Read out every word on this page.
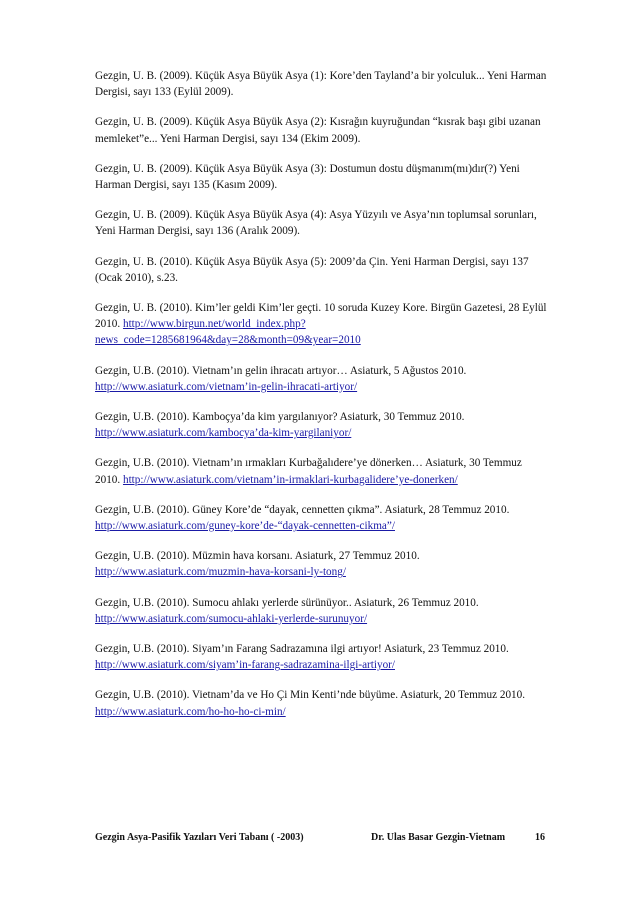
Gezgin, U. B. (2009). Küçük Asya Büyük Asya (1): Kore’den Tayland’a bir yolculuk... Yeni Harman Dergisi, sayı 133 (Eylül 2009).

Gezgin, U. B. (2009). Küçük Asya Büyük Asya (2): Kısrağın kuyruğundan “kısrak başı gibi uzanan memleket”e... Yeni Harman Dergisi, sayı 134 (Ekim 2009).

Gezgin, U. B. (2009). Küçük Asya Büyük Asya (3): Dostumun dostu düşmanım(mı)dır(?) Yeni Harman Dergisi, sayı 135 (Kasım 2009).

Gezgin, U. B. (2009). Küçük Asya Büyük Asya (4): Asya Yüzyılı ve Asya’nın toplumsal sorunları, Yeni Harman Dergisi, sayı 136 (Aralık 2009).

Gezgin, U. B. (2010). Küçük Asya Büyük Asya (5): 2009’da Çin. Yeni Harman Dergisi, sayı 137 (Ocak 2010), s.23.

Gezgin, U. B. (2010). Kim’ler geldi Kim’ler geçti. 10 soruda Kuzey Kore. Birgün Gazetesi, 28 Eylül 2010. http://www.birgun.net/world_index.php?news_code=1285681964&day=28&month=09&year=2010

Gezgin, U.B. (2010). Vietnam’ın gelin ihracatı artıyor… Asiaturk, 5 Ağustos 2010. http://www.asiaturk.com/vietnam’in-gelin-ihracati-artiyor/

Gezgin, U.B. (2010). Kamboçya’da kim yargılanıyor? Asiaturk, 30 Temmuz 2010. http://www.asiaturk.com/kambocya’da-kim-yargilaniyor/

Gezgin, U.B. (2010). Vietnam’ın ırmakları Kurbağalıdere’ye dönerken… Asiaturk, 30 Temmuz 2010. http://www.asiaturk.com/vietnam’in-irmaklari-kurbagalidere’ye-donerken/

Gezgin, U.B. (2010). Güney Kore’de “dayak, cennetten çıkma”. Asiaturk, 28 Temmuz 2010. http://www.asiaturk.com/guney-kore’de-“dayak-cennetten-cikma”/

Gezgin, U.B. (2010). Müzmin hava korsanı. Asiaturk, 27 Temmuz 2010. http://www.asiaturk.com/muzmin-hava-korsani-ly-tong/

Gezgin, U.B. (2010). Sumocu ahlakı yerlerde sürünüyor.. Asiaturk, 26 Temmuz 2010. http://www.asiaturk.com/sumocu-ahlaki-yerlerde-surunuyor/

Gezgin, U.B. (2010). Siyam’ın Farang Sadrazamına ilgi artıyor! Asiaturk, 23 Temmuz 2010. http://www.asiaturk.com/siyam’in-farang-sadrazamina-ilgi-artiyor/

Gezgin, U.B. (2010). Vietnam’da ve Ho Çi Min Kenti’nde büyüme. Asiaturk, 20 Temmuz 2010. http://www.asiaturk.com/ho-ho-ho-ci-min/

Gezgin Asya-Pasifik Yazıları Veri Tabanı ( -2003)	Dr. Ulas Basar Gezgin-Vietnam	16
